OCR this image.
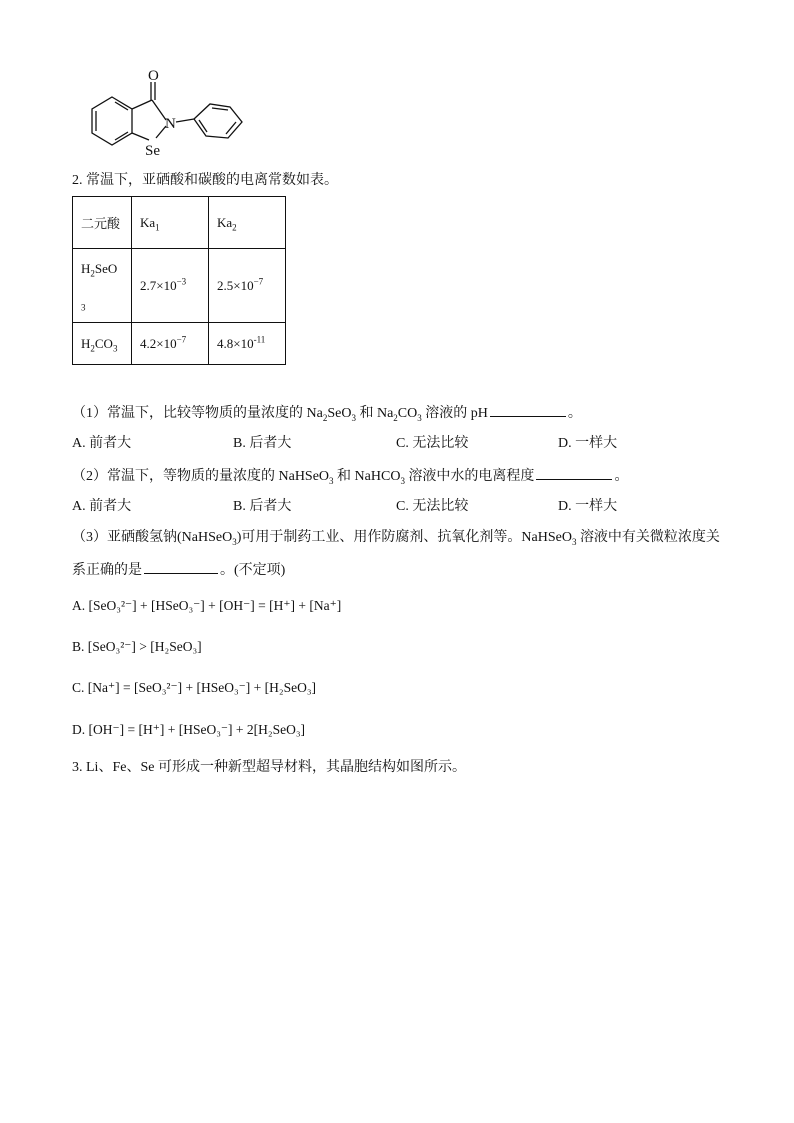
O
N
Se
2. 常温下，亚硒酸和碳酸的电离常数如表。
二元酸	$Ka_1$	$Ka_2$
$H_2SeO$
$_3$	$2.7\times 10^{-3}$	$2.5\times 10^{-7}$
$H_2CO_3$	$4.2\times 10^{-7}$	$4.8\times 10^{-11}$
（1）常温下，比较等物质的量浓度的 $Na_2SeO_3$ 和 $Na_2CO_3$ 溶液的 pH	。
A. 前者大	B. 后者大	C. 无法比较	D. 一样大
（2）常温下，等物质的量浓度的 NaHSeO$_3$ 和 NaHCO$_3$ 溶液中水的电离程度	。
A. 前者大	B. 后者大	C. 无法比较	D. 一样大
（3）亚硒酸氢钠(NaHSeO$_3$)可用于制药工业、用作防腐剂、抗氧化剂等。NaHSeO$_3$ 溶液中有关微粒浓度关
系正确的是	。(不定项)
A. [SeO₃²⁻] + [HSeO₃⁻] + [OH⁻] = [H⁺] + [Na⁺]
B. [SeO₃²⁻] > [H₂SeO₃]
C. [Na⁺] = [SeO₃²⁻] + [HSeO₃⁻] + [H₂SeO₃]
D. [OH⁻] = [H⁺] + [HSeO₃⁻] + 2[H₂SeO₃]
3. Li、Fe、Se 可形成一种新型超导材料，其晶胞结构如图所示。
